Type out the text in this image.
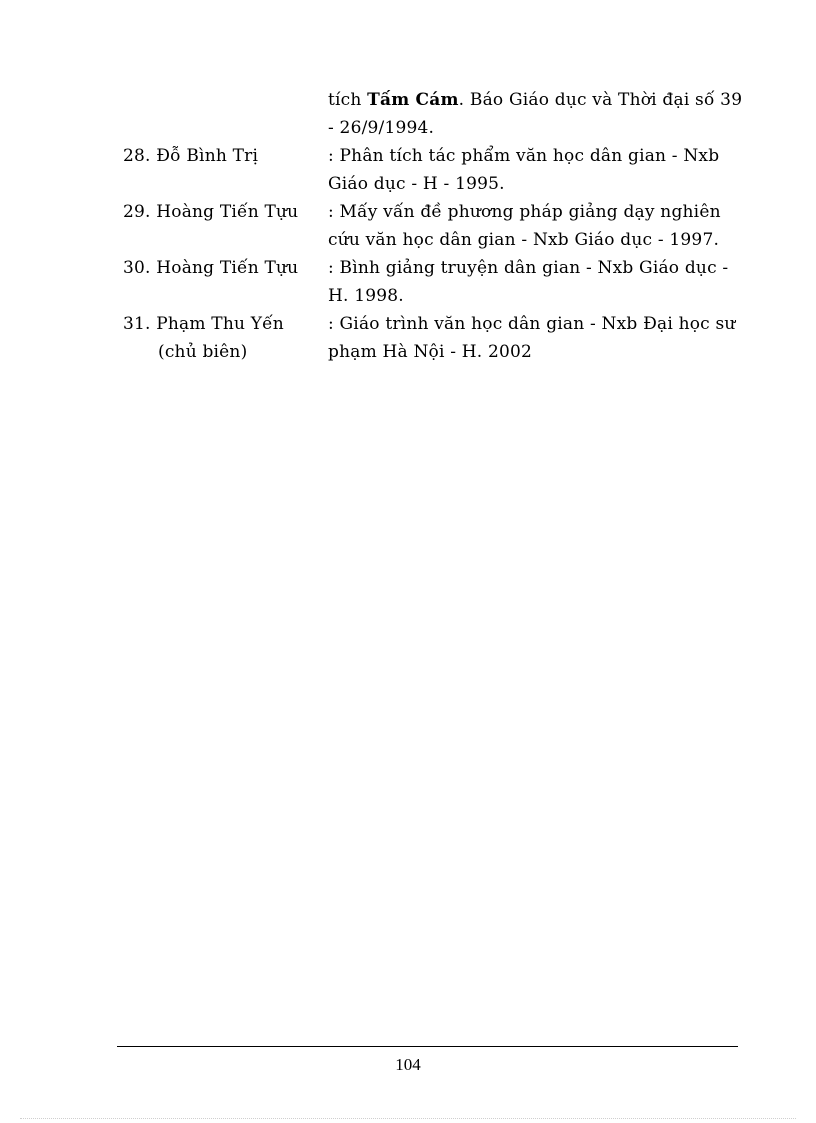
tích Tấm Cám. Báo Giáo dục và Thời đại số 39
- 26/9/1994.
28. Đỗ Bình Trị	: Phân tích tác phẩm văn học dân gian - Nxb
Giáo dục - H - 1995.
29. Hoàng Tiến Tựu : Mấy vấn đề phương pháp giảng dạy nghiên
cứu văn học dân gian - Nxb Giáo dục - 1997.
30. Hoàng Tiến Tựu : Bình giảng truyện dân gian - Nxb Giáo dục -
H. 1998.
31. Phạm Thu Yến
(chủ biên)
: Giáo trình văn học dân gian - Nxb Đại học sư
phạm Hà Nội - H. 2002
104
